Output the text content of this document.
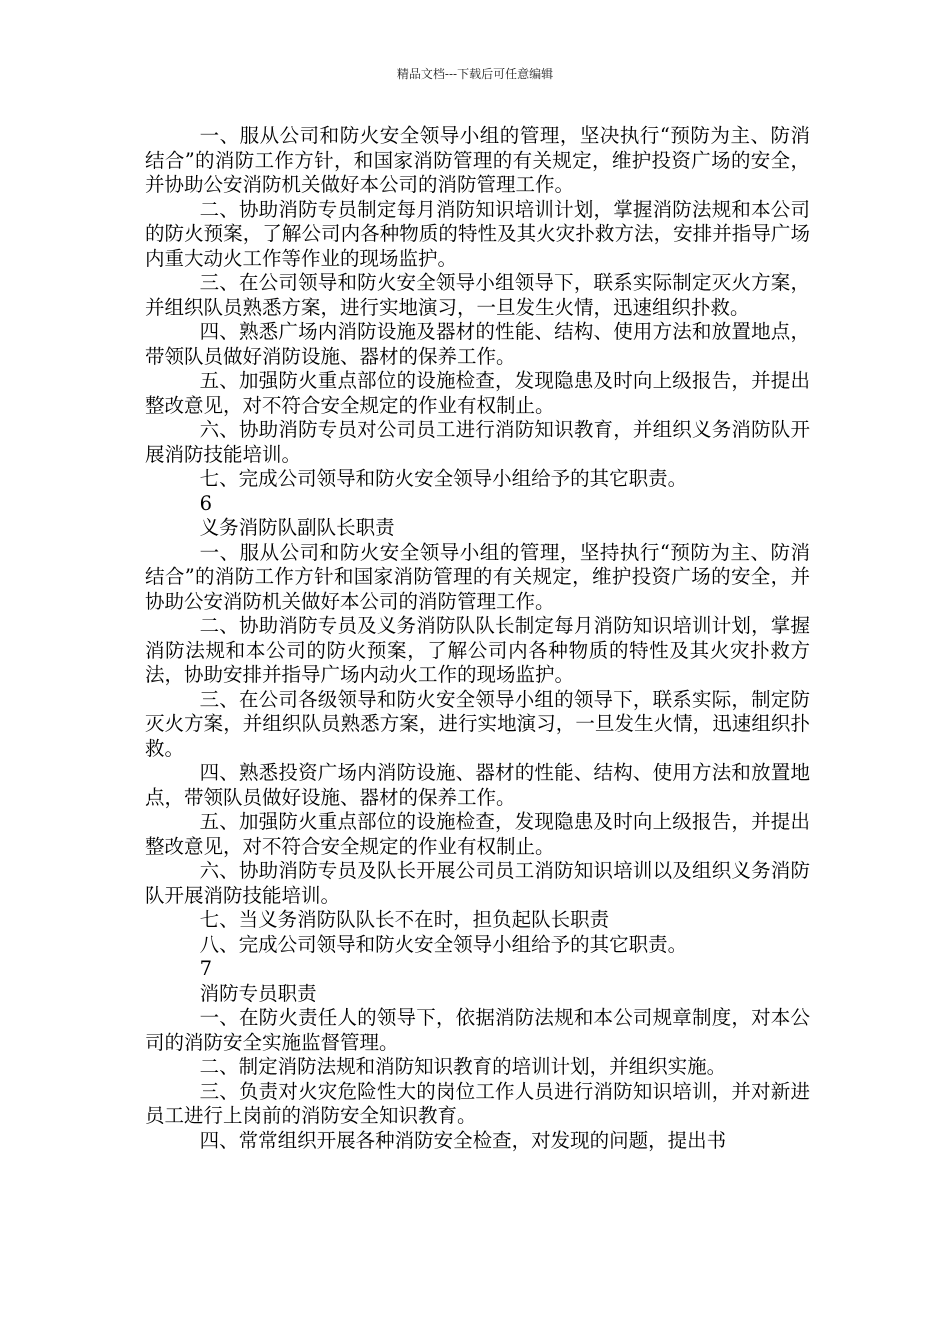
精品文档---下载后可任意编辑

一、服从公司和防火安全领导小组的管理，坚决执行“预防为主、防消结合”的消防工作方针，和国家消防管理的有关规定，维护投资广场的安全，并协助公安消防机关做好本公司的消防管理工作。

二、协助消防专员制定每月消防知识培训计划，掌握消防法规和本公司的防火预案，了解公司内各种物质的特性及其火灾扑救方法，安排并指导广场内重大动火工作等作业的现场监护。

三、在公司领导和防火安全领导小组领导下，联系实际制定灭火方案，并组织队员熟悉方案，进行实地演习，一旦发生火情，迅速组织扑救。

四、熟悉广场内消防设施及器材的性能、结构、使用方法和放置地点，带领队员做好消防设施、器材的保养工作。

五、加强防火重点部位的设施检查，发现隐患及时向上级报告，并提出整改意见，对不符合安全规定的作业有权制止。

六、协助消防专员对公司员工进行消防知识教育，并组织义务消防队开展消防技能培训。

七、完成公司领导和防火安全领导小组给予的其它职责。

6

义务消防队副队长职责

一、服从公司和防火安全领导小组的管理，坚持执行“预防为主、防消结合”的消防工作方针和国家消防管理的有关规定，维护投资广场的安全，并协助公安消防机关做好本公司的消防管理工作。

二、协助消防专员及义务消防队队长制定每月消防知识培训计划，掌握消防法规和本公司的防火预案，了解公司内各种物质的特性及其火灾扑救方法，协助安排并指导广场内动火工作的现场监护。

三、在公司各级领导和防火安全领导小组的领导下，联系实际，制定防灭火方案，并组织队员熟悉方案，进行实地演习，一旦发生火情，迅速组织扑救。

四、熟悉投资广场内消防设施、器材的性能、结构、使用方法和放置地点，带领队员做好设施、器材的保养工作。

五、加强防火重点部位的设施检查，发现隐患及时向上级报告，并提出整改意见，对不符合安全规定的作业有权制止。

六、协助消防专员及队长开展公司员工消防知识培训以及组织义务消防队开展消防技能培训。

七、当义务消防队队长不在时，担负起队长职责

八、完成公司领导和防火安全领导小组给予的其它职责。

7

消防专员职责

一、在防火责任人的领导下，依据消防法规和本公司规章制度，对本公司的消防安全实施监督管理。

二、制定消防法规和消防知识教育的培训计划，并组织实施。

三、负责对火灾危险性大的岗位工作人员进行消防知识培训，并对新进员工进行上岗前的消防安全知识教育。

四、常常组织开展各种消防安全检查，对发现的问题，提出书
